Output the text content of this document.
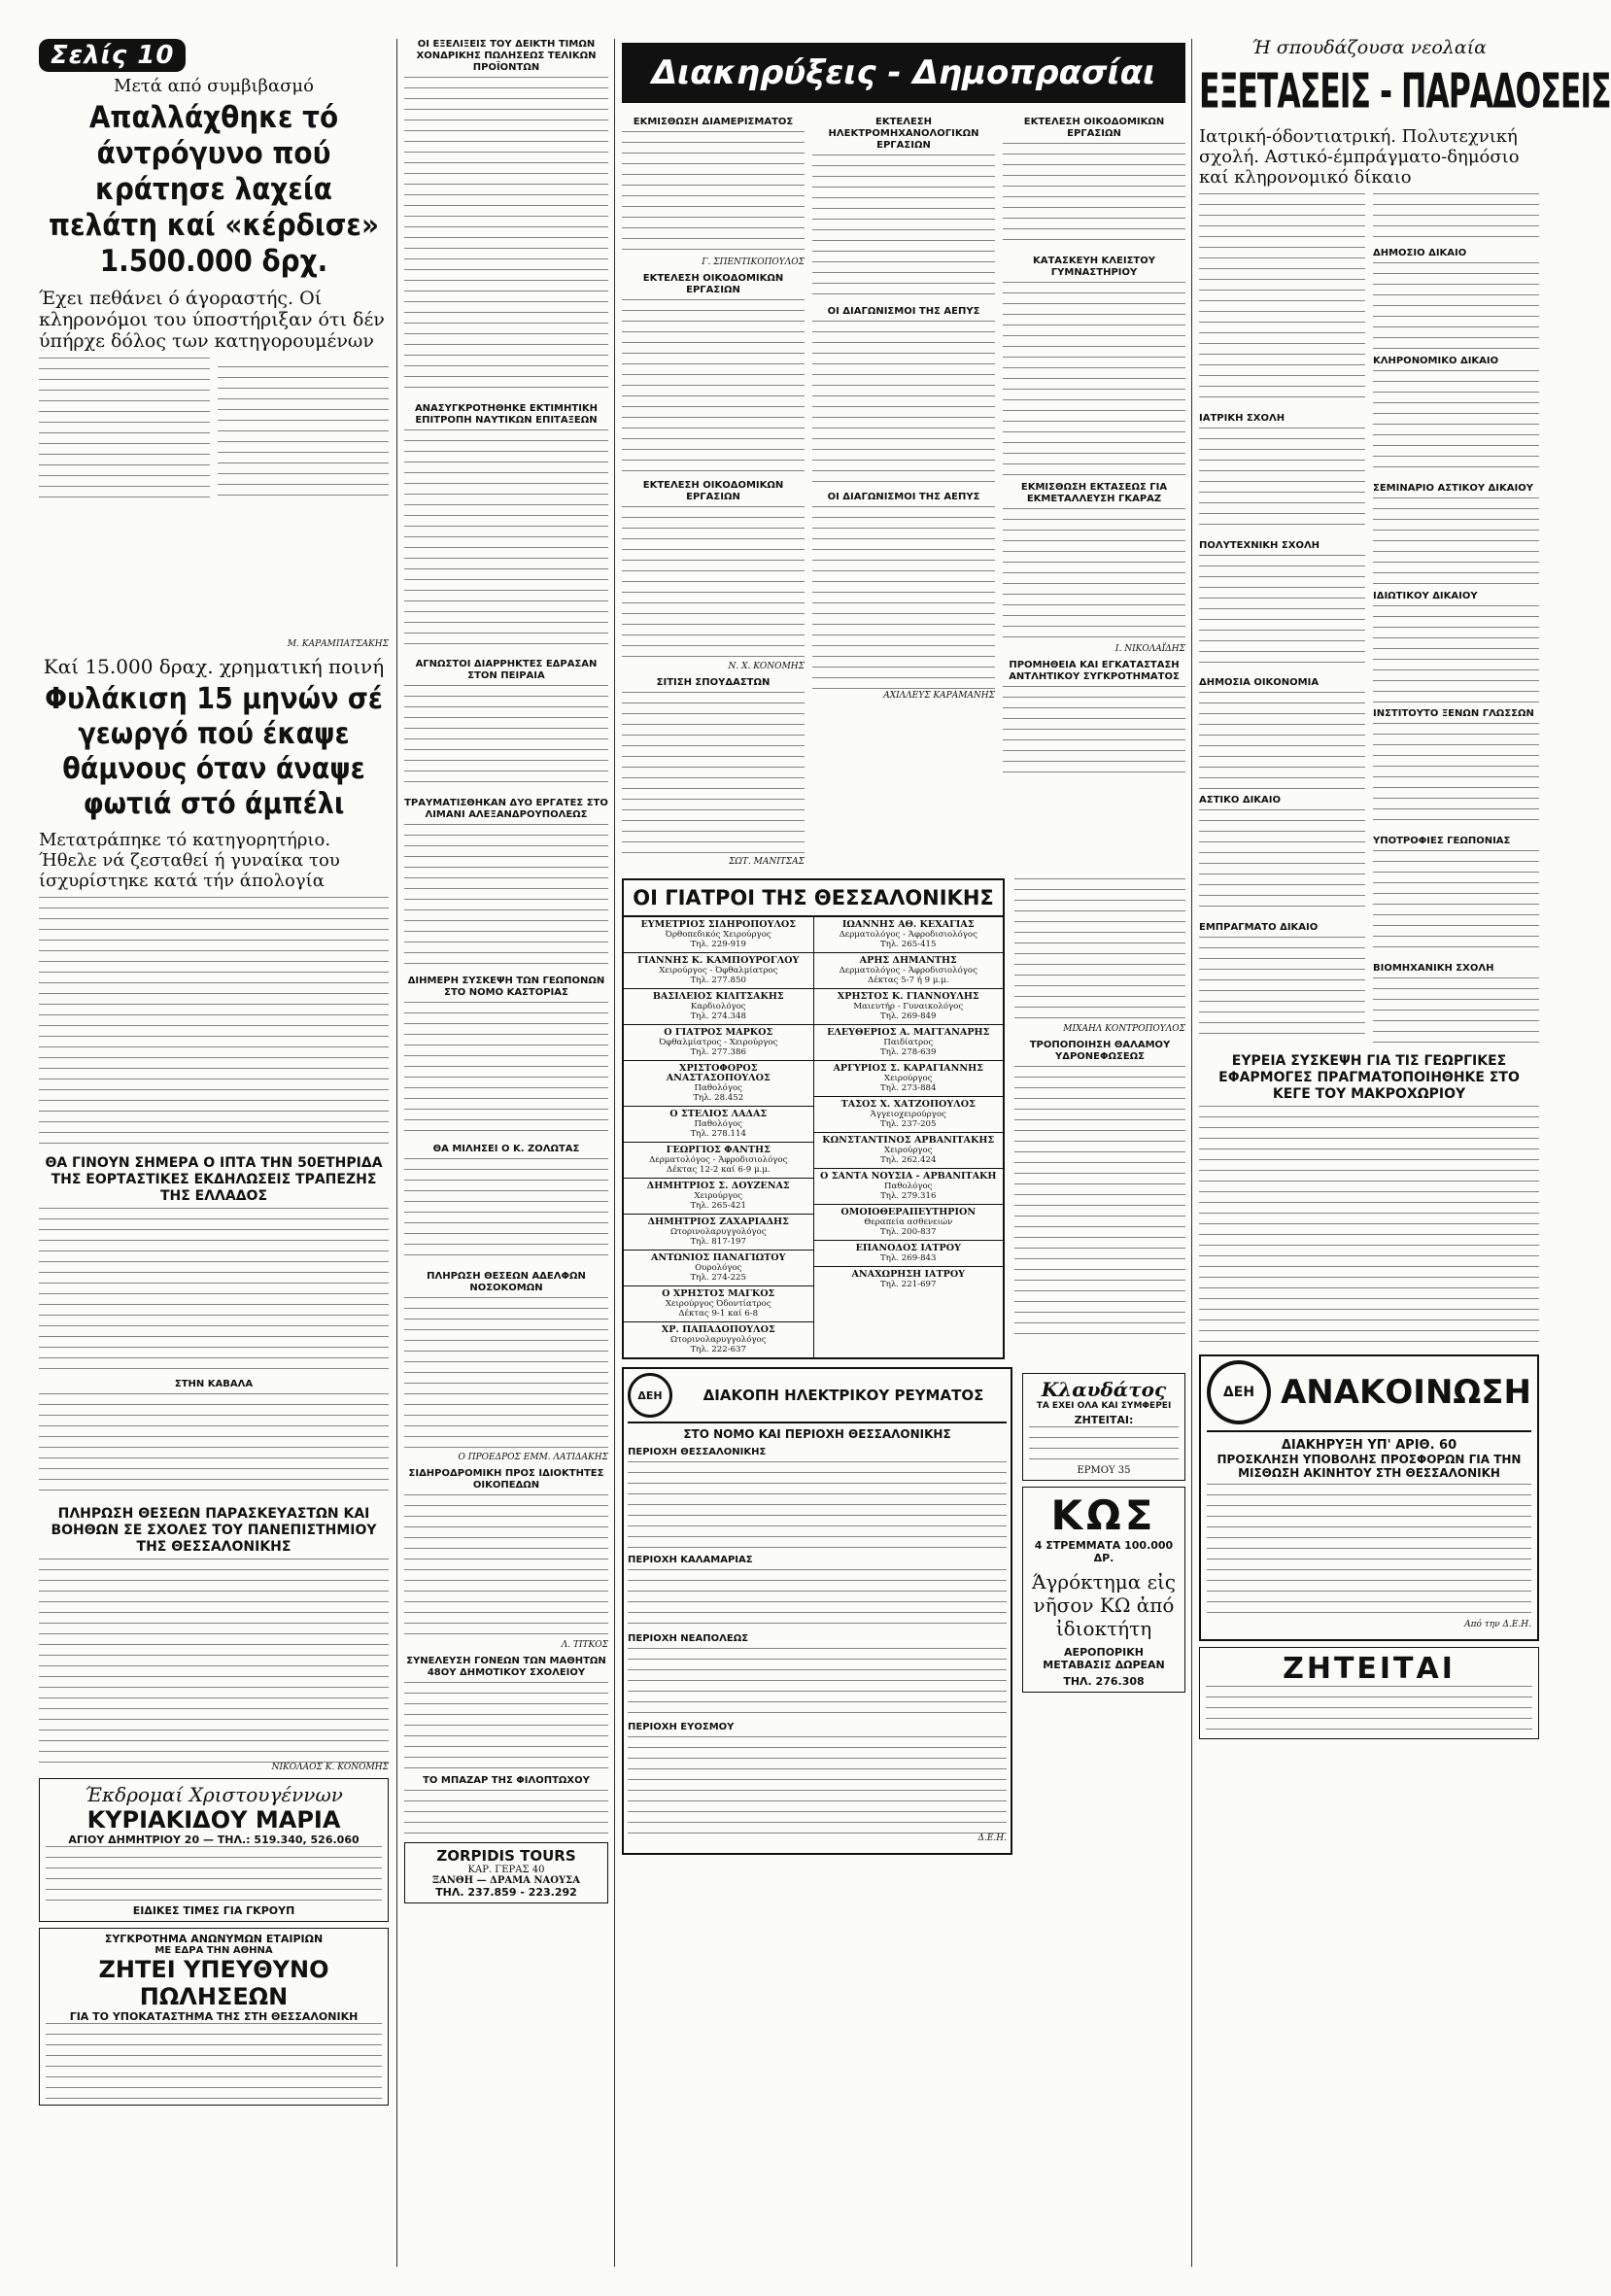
Σελίς 10
Μετά από συμβιβασμό
Απαλλάχθηκε τό άντρόγυνο πού κράτησε λαχεία πελάτη καί «κέρδισε» 1.500.000 δρχ.
Έχει πεθάνει ό άγοραστής. Οί κληρονόμοι του ύποστήριξαν ότι δέν ύπήρχε δόλος των κατηγορουμένων
Μ. ΚΑΡΑΜΠΑΤΣΑΚΗΣ
Καί 15.000 δραχ. χρηματική ποινή
Φυλάκιση 15 μηνών σέ γεωργό πού έκαψε θάμνους όταν άναψε φωτιά στό άμπέλι
Μετατράπηκε τό κατηγορητήριο. Ήθελε νά ζεσταθεί ή γυναίκα του ίσχυρίστηκε κατά τήν άπολογία
ΘΑ ΓΙΝΟΥΝ ΣΗΜΕΡΑ Ο ΙΠΤΑ ΤΗΝ 50ΕΤΗΡΙΔΑ ΤΗΣ ΕΟΡΤΑΣΤΙΚΕΣ ΕΚΔΗΛΩΣΕΙΣ ΤΡΑΠΕΖΗΣ ΤΗΣ ΕΛΛΑΔΟΣ
ΣΤΗΝ ΚΑΒΑΛΑ
ΠΛΗΡΩΣΗ ΘΕΣΕΩΝ ΠΑΡΑΣΚΕΥΑΣΤΩΝ ΚΑΙ ΒΟΗΘΩΝ ΣΕ ΣΧΟΛΕΣ ΤΟΥ ΠΑΝΕΠΙΣΤΗΜΙΟΥ ΤΗΣ ΘΕΣΣΑΛΟΝΙΚΗΣ
ΝΙΚΟΛΑΟΣ Κ. ΚΟΝΟΜΗΣ
Έκδρομαί Χριστουγέννων
ΚΥΡΙΑΚΙΔΟΥ ΜΑΡΙΑ
ΑΓΙΟΥ ΔΗΜΗΤΡΙΟΥ 20 — ΤΗΛ.: 519.340, 526.060
ΕΙΔΙΚΕΣ ΤΙΜΕΣ ΓΙΑ ΓΚΡΟΥΠ
ΣΥΓΚΡΟΤΗΜΑ ΑΝΩΝΥΜΩΝ ΕΤΑΙΡΙΩΝ
ΜΕ ΕΔΡΑ ΤΗΝ ΑΘΗΝΑ
ΖΗΤΕΙ ΥΠΕΥΘΥΝΟ ΠΩΛΗΣΕΩΝ
ΓΙΑ ΤΟ ΥΠΟΚΑΤΑΣΤΗΜΑ ΤΗΣ ΣΤΗ ΘΕΣΣΑΛΟΝΙΚΗ
ΟΙ ΕΞΕΛΙΞΕΙΣ ΤΟΥ ΔΕΙΚΤΗ ΤΙΜΩΝ ΧΟΝΔΡΙΚΗΣ ΠΩΛΗΣΕΩΣ ΤΕΛΙΚΩΝ ΠΡΟΪΟΝΤΩΝ
ΑΝΑΣΥΓΚΡΟΤΗΘΗΚΕ ΕΚΤΙΜΗΤΙΚΗ ΕΠΙΤΡΟΠΗ ΝΑΥΤΙΚΩΝ ΕΠΙΤΑΞΕΩΝ
ΑΓΝΩΣΤΟΙ ΔΙΑΡΡΗΚΤΕΣ ΕΔΡΑΣΑΝ ΣΤΟΝ ΠΕΙΡΑΙΑ
ΤΡΑΥΜΑΤΙΣΘΗΚΑΝ ΔΥΟ ΕΡΓΑΤΕΣ ΣΤΟ ΛΙΜΑΝΙ ΑΛΕΞΑΝΔΡΟΥΠΟΛΕΩΣ
ΔΙΗΜΕΡΗ ΣΥΣΚΕΨΗ ΤΩΝ ΓΕΩΠΟΝΩΝ ΣΤΟ ΝΟΜΟ ΚΑΣΤΟΡΙΑΣ
ΘΑ ΜΙΛΗΣΕΙ Ο Κ. ΖΟΛΩΤΑΣ
ΠΛΗΡΩΣΗ ΘΕΣΕΩΝ ΑΔΕΛΦΩΝ ΝΟΣΟΚΟΜΩΝ
Ο ΠΡΟΕΔΡΟΣ ΕΜΜ. ΛΑΤΙΔΑΚΗΣ
ΣΙΔΗΡΟΔΡΟΜΙΚΗ ΠΡΟΣ ΙΔΙΟΚΤΗΤΕΣ ΟΙΚΟΠΕΔΩΝ
Λ. ΤΙΤΚΟΣ
ΣΥΝΕΛΕΥΣΗ ΓΟΝΕΩΝ ΤΩΝ ΜΑΘΗΤΩΝ 48ΟΥ ΔΗΜΟΤΙΚΟΥ ΣΧΟΛΕΙΟΥ
ΤΟ ΜΠΑΖΑΡ ΤΗΣ ΦΙΛΟΠΤΩΧΟΥ
ZORPIDIS TOURS
ΚΑΡ. ΓΕΡΑΣ 40
ΞΑΝΘΗ — ΔΡΑΜΑ ΝΑΟΥΣΑ
ΤΗΛ. 237.859 - 223.292
Διακηρύξεις - Δημοπρασίαι
ΕΚΜΙΣΘΩΣΗ ΔΙΑΜΕΡΙΣΜΑΤΟΣ
Γ. ΣΠΕΝΤΙΚΟΠΟΥΛΟΣ
ΕΚΤΕΛΕΣΗ ΟΙΚΟΔΟΜΙΚΩΝ ΕΡΓΑΣΙΩΝ
ΕΚΤΕΛΕΣΗ ΟΙΚΟΔΟΜΙΚΩΝ ΕΡΓΑΣΙΩΝ
Ν. Χ. ΚΟΝΟΜΗΣ
ΣΙΤΙΣΗ ΣΠΟΥΔΑΣΤΩΝ
ΣΩΤ. ΜΑΝΙΤΣΑΣ
ΕΚΤΕΛΕΣΗ ΗΛΕΚΤΡΟΜΗΧΑΝΟΛΟΓΙΚΩΝ ΕΡΓΑΣΙΩΝ
ΟΙ ΔΙΑΓΩΝΙΣΜΟΙ ΤΗΣ ΑΕΠΥΣ
ΟΙ ΔΙΑΓΩΝΙΣΜΟΙ ΤΗΣ ΑΕΠΥΣ
ΑΧΙΛΛΕΥΣ ΚΑΡΑΜΑΝΗΣ
ΕΚΤΕΛΕΣΗ ΟΙΚΟΔΟΜΙΚΩΝ ΕΡΓΑΣΙΩΝ
ΚΑΤΑΣΚΕΥΗ ΚΛΕΙΣΤΟΥ ΓΥΜΝΑΣΤΗΡΙΟΥ
ΕΚΜΙΣΘΩΣΗ ΕΚΤΑΣΕΩΣ ΓΙΑ ΕΚΜΕΤΑΛΛΕΥΣΗ ΓΚΑΡΑΖ
Ι. ΝΙΚΟΛΑΪΔΗΣ
ΠΡΟΜΗΘΕΙΑ ΚΑΙ ΕΓΚΑΤΑΣΤΑΣΗ ΑΝΤΛΗΤΙΚΟΥ ΣΥΓΚΡΟΤΗΜΑΤΟΣ
ΟΙ ΓΙΑΤΡΟΙ ΤΗΣ ΘΕΣΣΑΛΟΝΙΚΗΣ
ΕΥΜΕΤΡΙΟΣ ΣΙΔΗΡΟΠΟΥΛΟΣ
Όρθοπεδικός Χειρούργος
Τηλ. 229-919
ΓΙΑΝΝΗΣ Κ. ΚΑΜΠΟΥΡΟΓΛΟΥ
Χειρούργος - Όφθαλμίατρος
Τηλ. 277.850
ΒΑΣΙΛΕΙΟΣ ΚΙΛΙΤΣΑΚΗΣ
Καρδιολόγος
Τηλ. 274.348
Ο ΓΙΑΤΡΟΣ ΜΑΡΚΟΣ
Όφθαλμίατρος - Χειρούργος
Τηλ. 277.386
ΧΡΙΣΤΟΦΟΡΟΣ ΑΝΑΣΤΑΣΟΠΟΥΛΟΣ
Παθολόγος
Τηλ. 28.452
Ο ΣΤΕΛΙΟΣ ΛΑΔΑΣ
Παθολόγος
Τηλ. 278.114
ΓΕΩΡΓΙΟΣ ΦΑΝΤΗΣ
Δερματολόγος - Άφροδισιολόγος
Δέκτας 12-2 καί 6-9 μ.μ.
ΔΗΜΗΤΡΙΟΣ Σ. ΔΟΥΖΕΝΑΣ
Χειρούργος
Τηλ. 265-421
ΔΗΜΗΤΡΙΟΣ ΖΑΧΑΡΙΑΔΗΣ
Ωτορινολαρυγγολόγος
Τηλ. 817-197
ΑΝΤΩΝΙΟΣ ΠΑΝΑΓΙΩΤΟΥ
Ουρολόγος
Τηλ. 274-225
Ο ΧΡΗΣΤΟΣ ΜΑΓΚΟΣ
Χειρούργος Όδοντίατρος
Δέκτας 9-1 καί 6-8
ΧΡ. ΠΑΠΑΔΟΠΟΥΛΟΣ
Ωτορινολαρυγγολόγος
Τηλ. 222-637
ΙΩΑΝΝΗΣ ΑΘ. ΚΕΧΑΓΙΑΣ
Δερματολόγος - Άφροδισιολόγος
Τηλ. 265-415
ΑΡΗΣ ΔΗΜΑΝΤΗΣ
Δερματολόγος - Άφροδισιολόγος
Δέκτας 5-7 ή 9 μ.μ.
ΧΡΗΣΤΟΣ Κ. ΓΙΑΝΝΟΥΛΗΣ
Μαιευτήρ - Γυναικολόγος
Τηλ. 269-849
ΕΛΕΥΘΕΡΙΟΣ Α. ΜΑΓΓΑΝΑΡΗΣ
Παιδίατρος
Τηλ. 278-639
ΑΡΓΥΡΙΟΣ Σ. ΚΑΡΑΓΙΑΝΝΗΣ
Χειρούργος
Τηλ. 273-884
ΤΑΣΟΣ Χ. ΧΑΤΖΟΠΟΥΛΟΣ
Άγγειοχειρούργος
Τηλ. 237-205
ΚΩΝΣΤΑΝΤΙΝΟΣ ΑΡΒΑΝΙΤΑΚΗΣ
Χειρούργος
Τηλ. 262.424
Ο ΣΑΝΤΑ ΝΟΥΣΙΑ - ΑΡΒΑΝΙΤΑΚΗ
Παθολόγος
Τηλ. 279.316
ΟΜΟΙΟΘΕΡΑΠΕΥΤΗΡΙΟΝ
Θεραπεία ασθενειών
Τηλ. 200-837
ΕΠΑΝΟΔΟΣ ΙΑΤΡΟΥ
Τηλ. 269-843
ΑΝΑΧΩΡΗΣΗ ΙΑΤΡΟΥ
Τηλ. 221-697
ΜΙΧΑΗΛ ΚΟΝΤΡΟΠΟΥΛΟΣ
ΤΡΟΠΟΠΟΙΗΣΗ ΘΑΛΑΜΟΥ ΥΔΡΟΝΕΦΩΣΕΩΣ
ΔΕΗ	ΔΙΑΚΟΠΗ ΗΛΕΚΤΡΙΚΟΥ ΡΕΥΜΑΤΟΣ
ΣΤΟ ΝΟΜΟ ΚΑΙ ΠΕΡΙΟΧΗ ΘΕΣΣΑΛΟΝΙΚΗΣ
ΠΕΡΙΟΧΗ ΘΕΣΣΑΛΟΝΙΚΗΣ
ΠΕΡΙΟΧΗ ΚΑΛΑΜΑΡΙΑΣ
ΠΕΡΙΟΧΗ ΝΕΑΠΟΛΕΩΣ
ΠΕΡΙΟΧΗ ΕΥΟΣΜΟΥ
Δ.Ε.Η.
Κλαυδάτος
ΤΑ ΕΧΕΙ ΟΛΑ ΚΑΙ ΣΥΜΦΕΡΕΙ
ΖΗΤΕΙΤΑΙ:
ΕΡΜΟΥ 35
ΚΩΣ
4 ΣΤΡΕΜΜΑΤΑ 100.000 ΔΡ.
Άγρόκτημα εἰς νῆσον ΚΩ ἀπό ἰδιοκτήτη
ΑΕΡΟΠΟΡΙΚΗ ΜΕΤΑΒΑΣΙΣ ΔΩΡΕΑΝ
ΤΗΛ. 276.308
Ή σπουδάζουσα νεολαία
ΕΞΕΤΑΣΕΙΣ - ΠΑΡΑΔΟΣΕΙΣ
Ιατρική-όδοντιατρική. Πολυτεχνική σχολή. Αστικό-έμπράγματο-δημόσιο καί κληρονομικό δίκαιο
ΙΑΤΡΙΚΗ ΣΧΟΛΗ
ΠΟΛΥΤΕΧΝΙΚΗ ΣΧΟΛΗ
ΔΗΜΟΣΙΑ ΟΙΚΟΝΟΜΙΑ
ΑΣΤΙΚΟ ΔΙΚΑΙΟ
ΕΜΠΡΑΓΜΑΤΟ ΔΙΚΑΙΟ
ΔΗΜΟΣΙΟ ΔΙΚΑΙΟ
ΚΛΗΡΟΝΟΜΙΚΟ ΔΙΚΑΙΟ
ΣΕΜΙΝΑΡΙΟ ΑΣΤΙΚΟΥ ΔΙΚΑΙΟΥ
ΙΔΙΩΤΙΚΟΥ ΔΙΚΑΙΟΥ
ΙΝΣΤΙΤΟΥΤΟ ΞΕΝΩΝ ΓΛΩΣΣΩΝ
ΥΠΟΤΡΟΦΙΕΣ ΓΕΩΠΟΝΙΑΣ
ΒΙΟΜΗΧΑΝΙΚΗ ΣΧΟΛΗ
ΕΥΡΕΙΑ ΣΥΣΚΕΨΗ ΓΙΑ ΤΙΣ ΓΕΩΡΓΙΚΕΣ ΕΦΑΡΜΟΓΕΣ ΠΡΑΓΜΑΤΟΠΟΙΗΘΗΚΕ ΣΤΟ ΚΕΓΕ ΤΟΥ ΜΑΚΡΟΧΩΡΙΟΥ
ΔΕΗ ΑΝΑΚΟΙΝΩΣΗ
ΔΙΑΚΗΡΥΞΗ ΥΠ' ΑΡΙΘ. 60
ΠΡΟΣΚΛΗΣΗ ΥΠΟΒΟΛΗΣ ΠΡΟΣΦΟΡΩΝ ΓΙΑ ΤΗΝ ΜΙΣΘΩΣΗ ΑΚΙΝΗΤΟΥ ΣΤΗ ΘΕΣΣΑΛΟΝΙΚΗ
Από την Δ.Ε.Η.
ΖΗΤΕΙΤΑΙ
